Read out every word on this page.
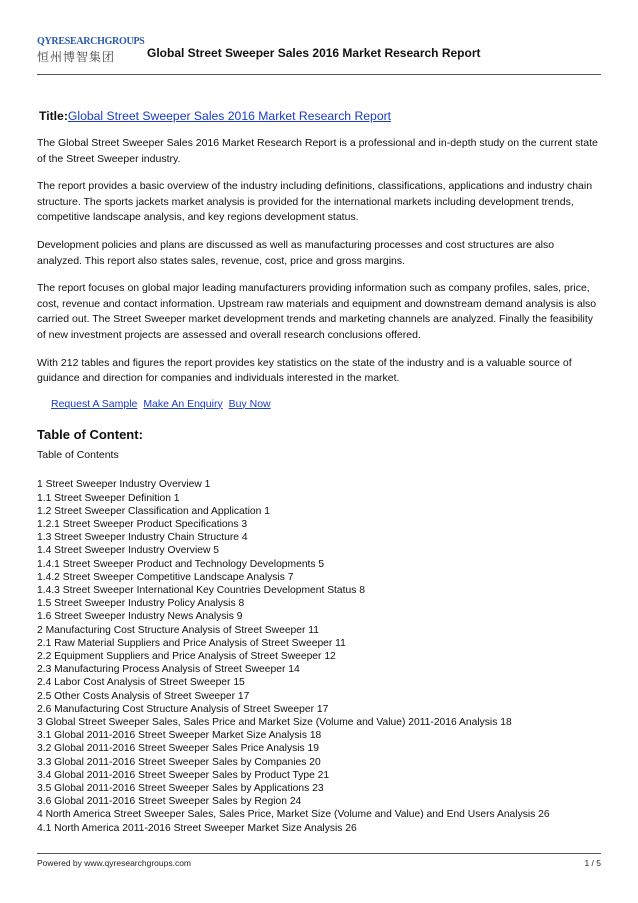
QYRESEARCHGROUPS
恒州博智集团	Global Street Sweeper Sales 2016 Market Research Report
Title:Global Street Sweeper Sales 2016 Market Research Report

The Global Street Sweeper Sales 2016 Market Research Report is a professional and in-depth study on the current state of the Street Sweeper industry.

The report provides a basic overview of the industry including definitions, classifications, applications and industry chain structure. The sports jackets market analysis is provided for the international markets including development trends, competitive landscape analysis, and key regions development status.

Development policies and plans are discussed as well as manufacturing processes and cost structures are also analyzed. This report also states sales, revenue, cost, price and gross margins.

The report focuses on global major leading manufacturers providing information such as company profiles, sales, price, cost, revenue and contact information. Upstream raw materials and equipment and downstream demand analysis is also carried out. The Street Sweeper market development trends and marketing channels are analyzed. Finally the feasibility of new investment projects are assessed and overall research conclusions offered.

With 212 tables and figures the report provides key statistics on the state of the industry and is a valuable source of guidance and direction for companies and individuals interested in the market.

Request A Sample Make An Enquiry Buy Now
Table of Content:
Table of Contents
1 Street Sweeper Industry Overview 1
1.1 Street Sweeper Definition 1
1.2 Street Sweeper Classification and Application 1
1.2.1 Street Sweeper Product Specifications 3
1.3 Street Sweeper Industry Chain Structure 4
1.4 Street Sweeper Industry Overview 5
1.4.1 Street Sweeper Product and Technology Developments 5
1.4.2 Street Sweeper Competitive Landscape Analysis 7
1.4.3 Street Sweeper International Key Countries Development Status 8
1.5 Street Sweeper Industry Policy Analysis 8
1.6 Street Sweeper Industry News Analysis 9
2 Manufacturing Cost Structure Analysis of Street Sweeper 11
2.1 Raw Material Suppliers and Price Analysis of Street Sweeper 11
2.2 Equipment Suppliers and Price Analysis of Street Sweeper 12
2.3 Manufacturing Process Analysis of Street Sweeper 14
2.4 Labor Cost Analysis of Street Sweeper 15
2.5 Other Costs Analysis of Street Sweeper 17
2.6 Manufacturing Cost Structure Analysis of Street Sweeper 17
3 Global Street Sweeper Sales, Sales Price and Market Size (Volume and Value) 2011-2016 Analysis 18
3.1 Global 2011-2016 Street Sweeper Market Size Analysis 18
3.2 Global 2011-2016 Street Sweeper Sales Price Analysis 19
3.3 Global 2011-2016 Street Sweeper Sales by Companies 20
3.4 Global 2011-2016 Street Sweeper Sales by Product Type 21
3.5 Global 2011-2016 Street Sweeper Sales by Applications 23
3.6 Global 2011-2016 Street Sweeper Sales by Region 24
4 North America Street Sweeper Sales, Sales Price, Market Size (Volume and Value) and End Users Analysis 26
4.1 North America 2011-2016 Street Sweeper Market Size Analysis 26
Powered by www.qyresearchgroups.com	1 / 5
